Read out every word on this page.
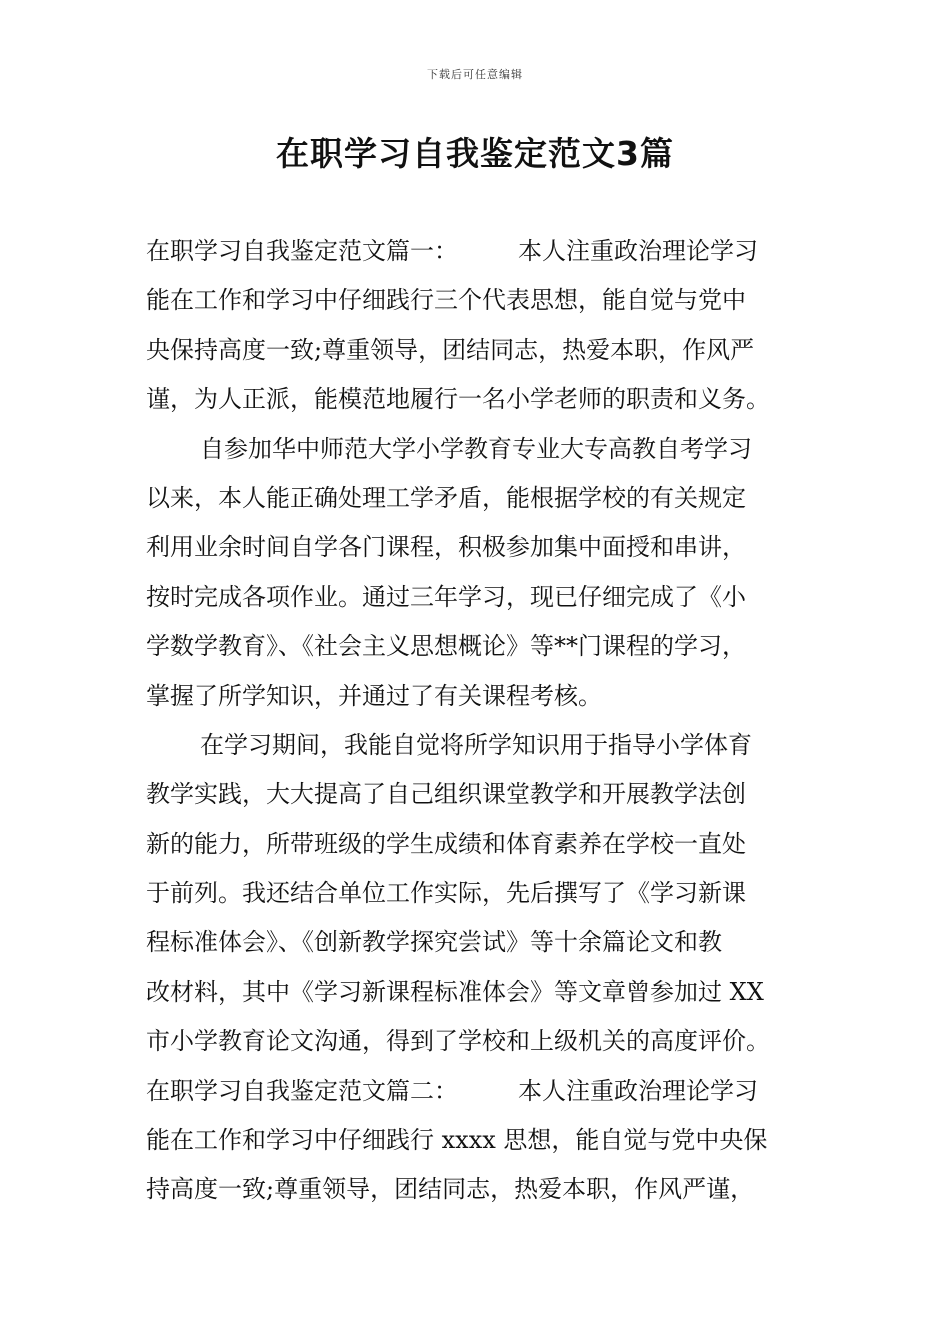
下载后可任意编辑
在职学习自我鉴定范文3篇
在职学习自我鉴定范文篇一：　　　本人注重政治理论学习
能在工作和学习中仔细践行三个代表思想，能自觉与党中
央保持高度一致;尊重领导，团结同志，热爱本职，作风严
谨，为人正派，能模范地履行一名小学老师的职责和义务。
自参加华中师范大学小学教育专业大专高教自考学习
以来，本人能正确处理工学矛盾，能根据学校的有关规定
利用业余时间自学各门课程，积极参加集中面授和串讲，
按时完成各项作业。通过三年学习，现已仔细完成了《小
学数学教育》、《社会主义思想概论》等**门课程的学习，
掌握了所学知识，并通过了有关课程考核。
在学习期间，我能自觉将所学知识用于指导小学体育
教学实践，大大提高了自己组织课堂教学和开展教学法创
新的能力，所带班级的学生成绩和体育素养在学校一直处
于前列。我还结合单位工作实际，先后撰写了《学习新课
程标准体会》、《创新教学探究尝试》等十余篇论文和教
改材料，其中《学习新课程标准体会》等文章曾参加过 XX
市小学教育论文沟通，得到了学校和上级机关的高度评价。
在职学习自我鉴定范文篇二：　　　本人注重政治理论学习
能在工作和学习中仔细践行 xxxx 思想，能自觉与党中央保
持高度一致;尊重领导，团结同志，热爱本职，作风严谨，
